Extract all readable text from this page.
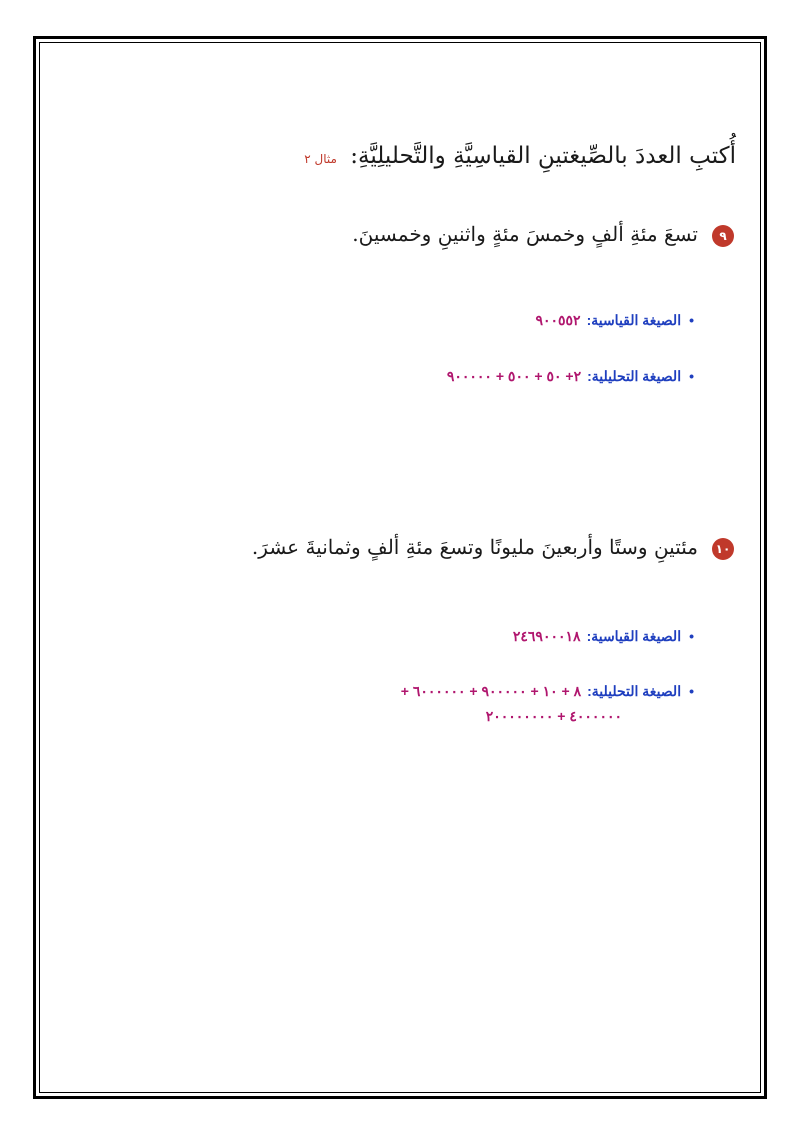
أُكتبِ العددَ بالصِّيغتينِ القياسِيَّةِ والتَّحليلِيَّةِ: مثال ٢
٩تسعَ مئةِ ألفٍ وخمسَ مئةٍ واثنينِ وخمسينَ.
•الصيغة القياسية:٩٠٠٥٥٢
•الصيغة التحليلية:٢+ ٥٠ + ٥٠٠ + ٩٠٠٠٠٠
١٠مئتينِ وستًا وأربعينَ مليونًا وتسعَ مئةِ ألفٍ وثمانيةَ عشرَ.
•الصيغة القياسية:٢٤٦٩٠٠٠١٨
•الصيغة التحليلية:٨ + ١٠ + ٩٠٠٠٠٠ + ٦٠٠٠٠٠٠ +
٤٠٠٠٠٠٠ + ٢٠٠٠٠٠٠٠٠
